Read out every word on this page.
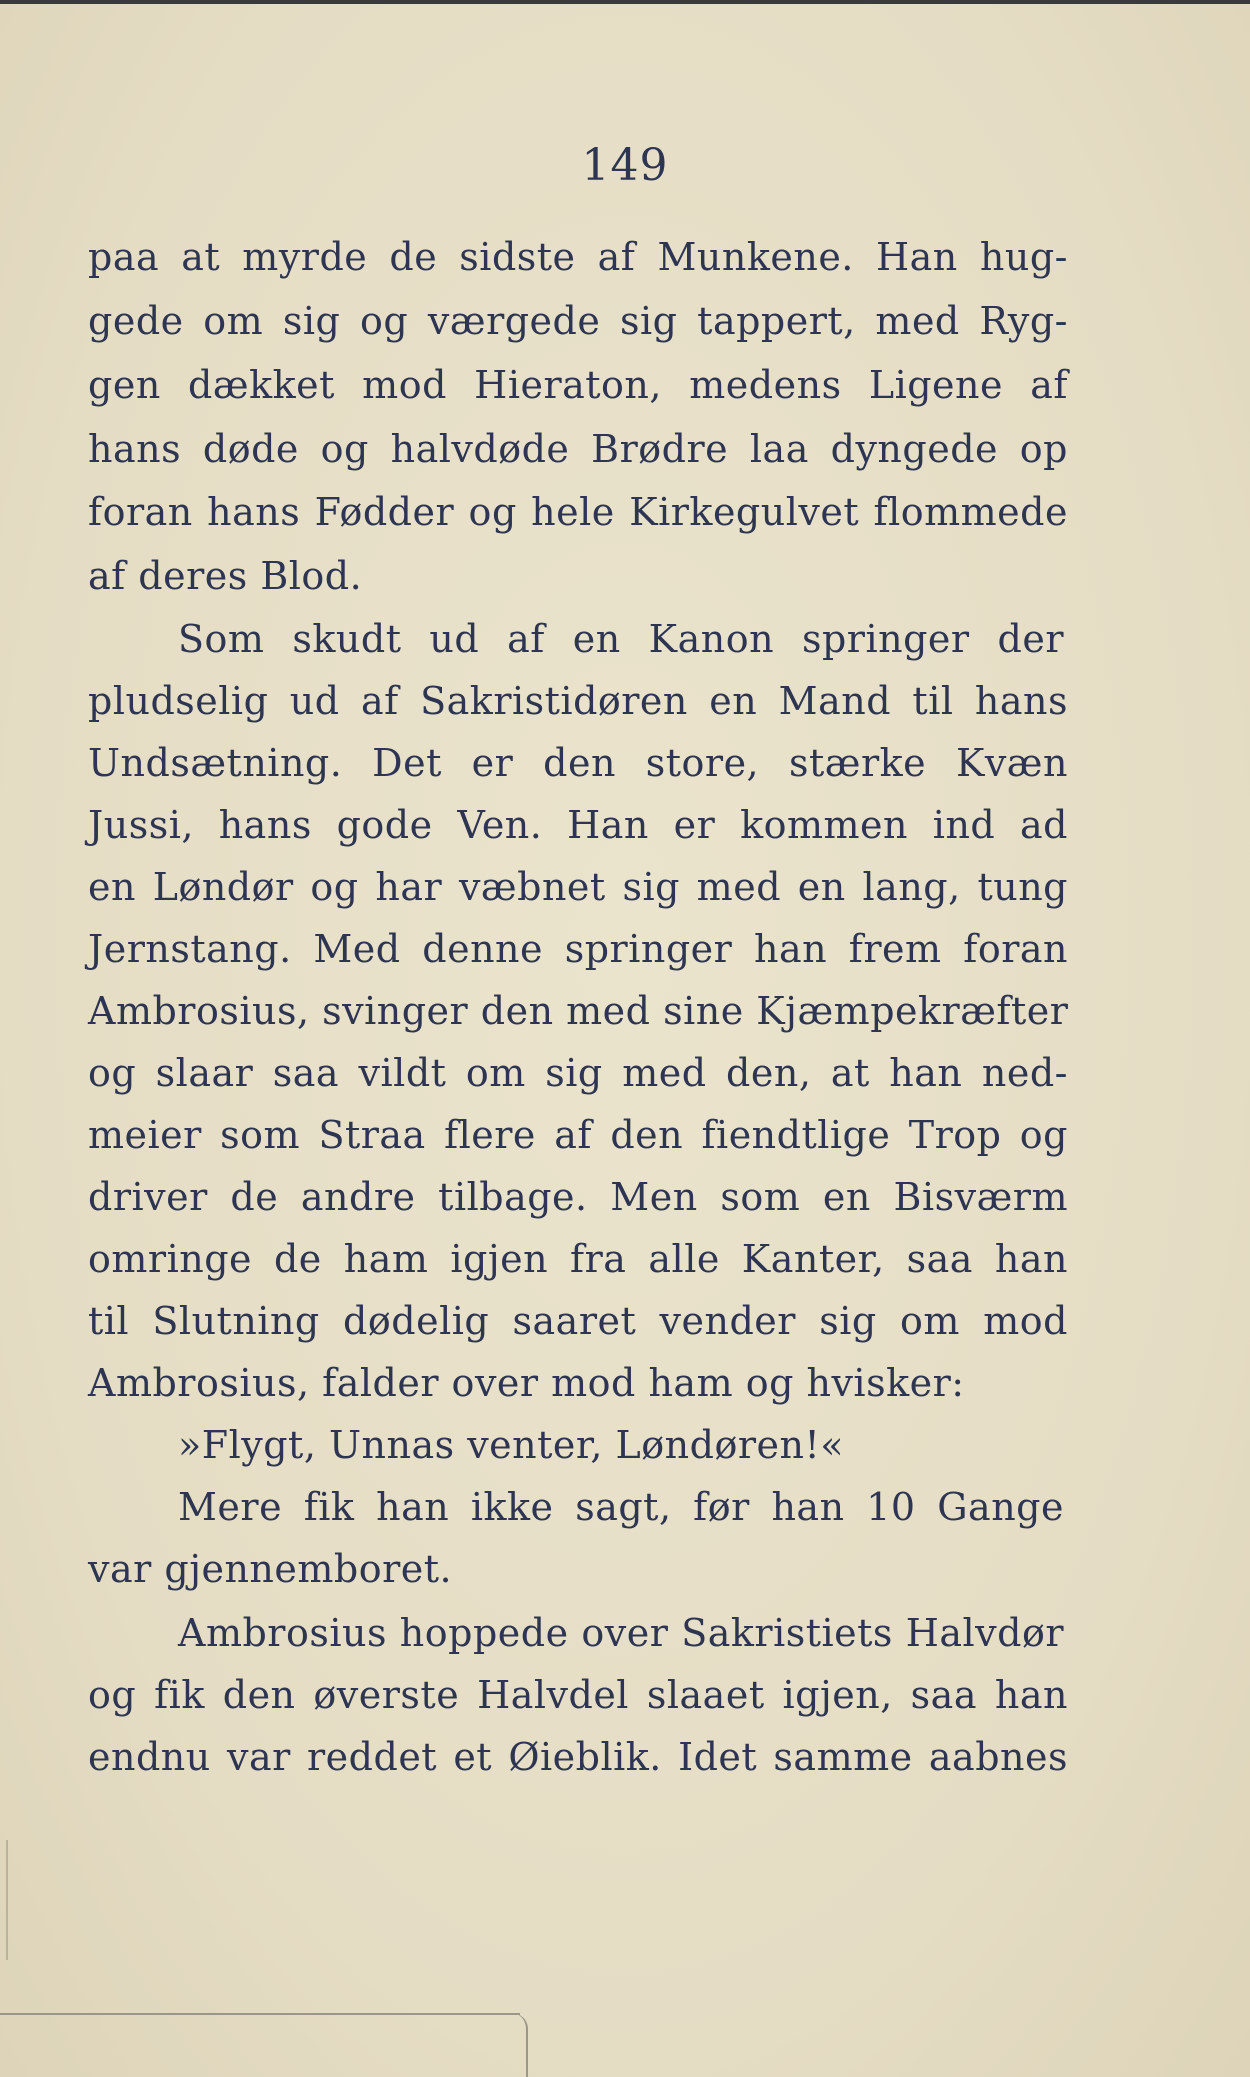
149
paa at myrde de sidste af Munkene. Han hug-
gede om sig og værgede sig tappert, med Ryg-
gen dækket mod Hieraton, medens Ligene af
hans døde og halvdøde Brødre laa dyngede op
foran hans Fødder og hele Kirkegulvet flommede
af deres Blod.
Som skudt ud af en Kanon springer der
pludselig ud af Sakristidøren en Mand til hans
Undsætning. Det er den store, stærke Kvæn
Jussi, hans gode Ven. Han er kommen ind ad
en Løndør og har væbnet sig med en lang, tung
Jernstang. Med denne springer han frem foran
Ambrosius, svinger den med sine Kjæmpekræfter
og slaar saa vildt om sig med den, at han ned-
meier som Straa flere af den fiendtlige Trop og
driver de andre tilbage. Men som en Bisværm
omringe de ham igjen fra alle Kanter, saa han
til Slutning dødelig saaret vender sig om mod
Ambrosius, falder over mod ham og hvisker:
»Flygt, Unnas venter, Løndøren!«
Mere fik han ikke sagt, før han 10 Gange
var gjennemboret.
Ambrosius hoppede over Sakristiets Halvdør
og fik den øverste Halvdel slaaet igjen, saa han
endnu var reddet et Øieblik. Idet samme aabnes
